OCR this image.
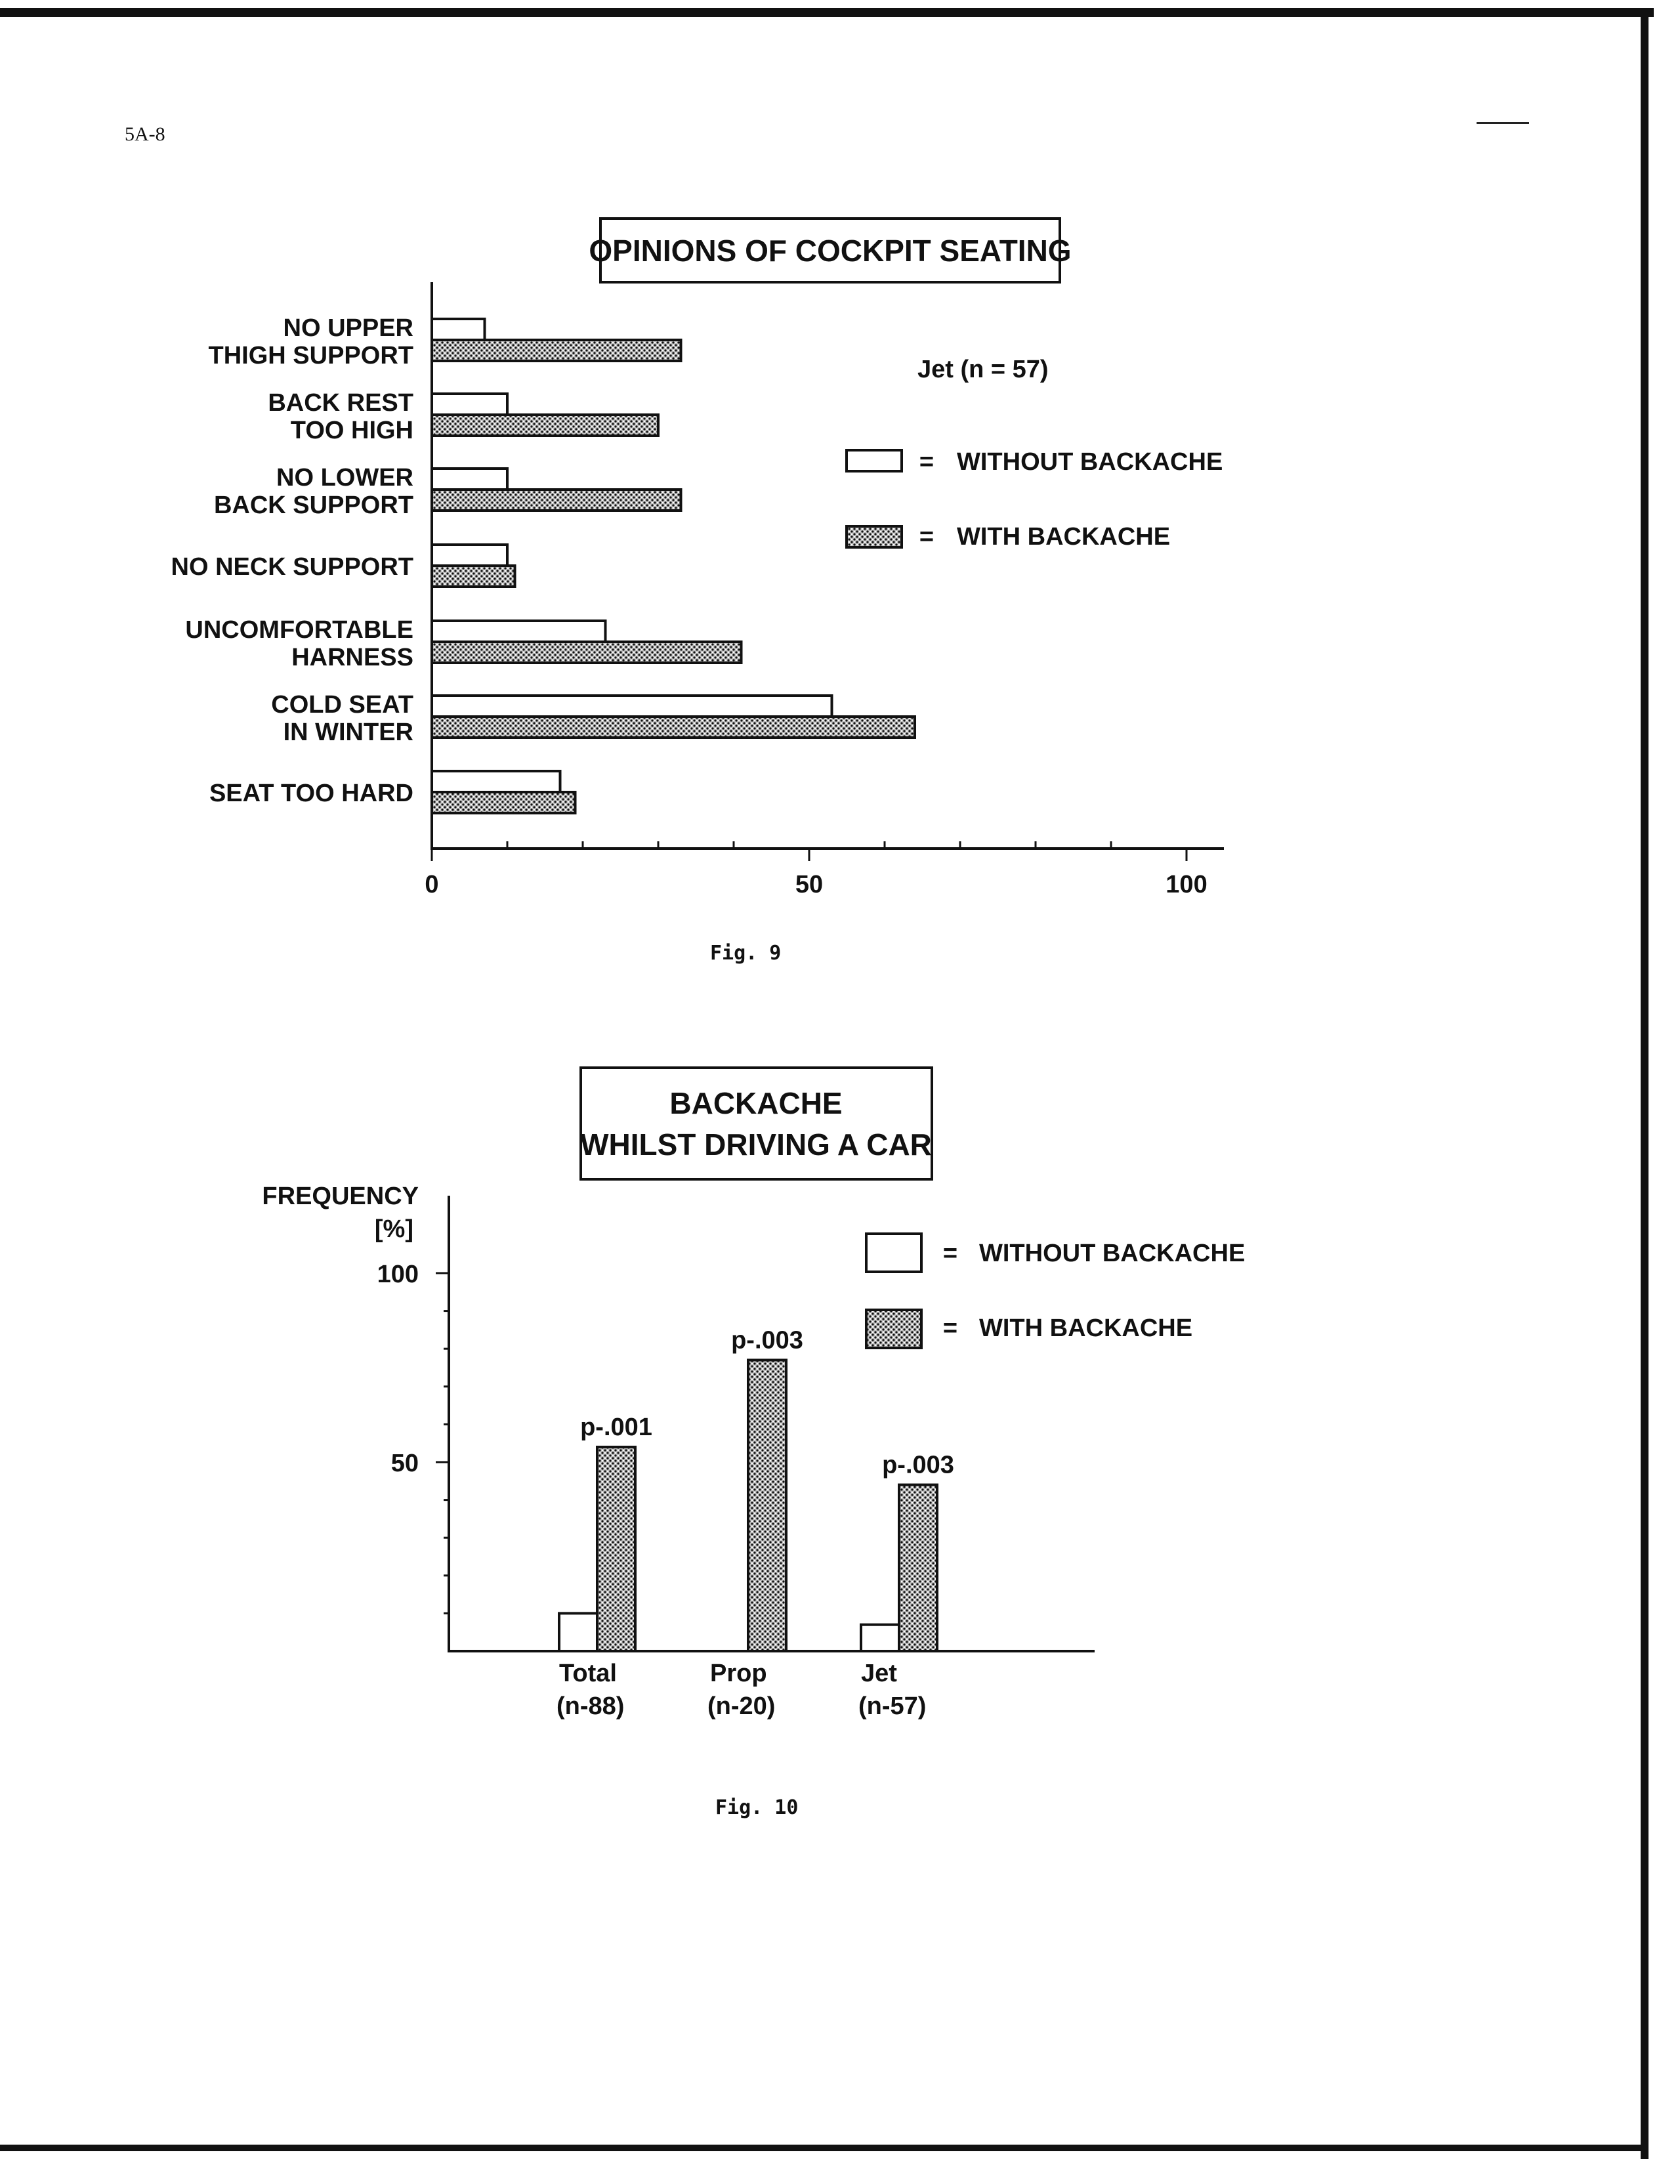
5A-8
OPINIONS OF COCKPIT SEATING
Jet (n = 57)
= WITHOUT BACKACHE
= WITH BACKACHE
NO UPPER
THIGH SUPPORT
BACK REST
TOO HIGH
NO LOWER
BACK SUPPORT
NO NECK SUPPORT
UNCOMFORTABLE
HARNESS
COLD SEAT
IN WINTER
SEAT TOO HARD
0	50	100
BACKACHE
WHILST DRIVING A CAR
FREQUENCY
[%]
= WITHOUT BACKACHE
= WITH BACKACHE
100
50
Total
(n-88)
Prop
(n-20)
Jet
(n-57)
p-.001
p-.003
p-.003
Fig. 9
Fig. 10
